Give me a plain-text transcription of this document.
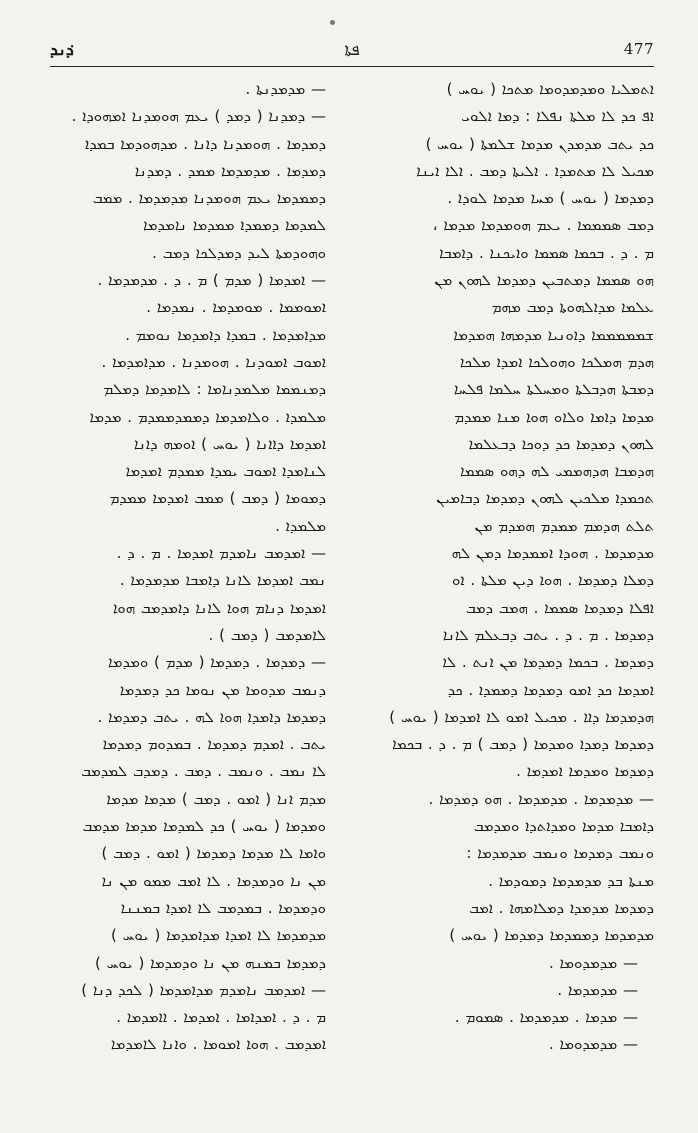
ܕ݁ܢܕ	ܦܬܐ	477

ܐܬܡܠܝܐ ܘܡܕܡܕܘܡܐ ܡܬܟܐ ( ܝܘܚ )

ܐܦ ܟܕ ܠܐ ܡܠܬܐ ܢܦܠܐ : ܕܡܐ ܐܠܘܝ

ܟܕ ܝܬܒ ܡܕܡܕܢ ܡܕܡܐ ܫܠܡܬܐ ( ܝܘܚ )

ܡܟܝܠ ܠܐ ܡܬܡܕܐ . ܐܠܝܬܐ ܕܡܒ . ܐܠܐ ܐܝܢܐ

ܕܡܕܡܐ ( ܝܘܚ ) ܡܚܐ ܡܕܡܐ ܠܘܕܐ .

ܕܡܒ ܣܡܡܡܐ . ܝܥܡ ܗܘܡܕܡܐ ܡܕܡܐ ،

ܡ . ܕ . ܒܟܡܐ ܣܡܡܐ ܘܐܝܟܢܐ . ܕܐܡܒܐ

ܗܘ ܣܡܡܐ ܕܡܬܒܝܢ ܕܡܕܡܐ ܠܗܘܢ ܡܢ

ܥܠܡܐ ܡܕܐܠܗܘܬܐ ܕܡܒ ܡܗܡ

ܫܡܡܡܡܡܐ ܕܐܘܢܝܐ ܡܕܡܗܐ ܗܡܕܡܐ

ܗܕܡ ܗܡܠܟܐ ܘܗܘܠܟܐ ܐܡܕܐ ܡܠܟܐ

ܕܡܒܬܐ ܗܕܒܠܬܐ ܘܡܚܠܬܐ ܚܠܡܐ ܦܠܚܐ

ܡܕܡܐ ܕܐܡܐ ܘܠܐܘ ܗܘܐ ܡܢܐ ܡܡܕܡ

ܠܗܘܢ ܕܡܕܡܐ ܟܕ ܕܘܟܐ ܕܒܥܠܡܐ

ܗܕܡܒܐ ܗܕܗܡܡܝ ܠܗ ܕܗܘ ܣܡܡܐ

ܬܟܡܕܐ ܡܠܟܝܢ ܠܗܘܢ ܕܡܕܡܐ ܕܒܐܡܝܢ

ܬܠܬ ܗܕܡܡ ܡܡܕܡ ܗܡܕܡ ܡܢ

ܡܕܡܕܡܐ . ܗܘܕܐ ܐܡܡܕܡܐ ܕܡܢ ܠܗ

ܕܡܠܐ ܕܡܕܡܐ . ܗܘܐ ܕܝܢ ܡܠܬܐ . ܐܘ

ܐܦܠܐ ܕܡܕܡܐ ܣܡܡܐ . ܗܡܒ ܕܡܒ

ܕܡܕܡܐ . ܡ . ܕ . ܝܬܒ ܕܒܥܠܡ ܠܐܢܐ

ܕܡܕܡܐ . ܒܟܡܐ ܕܡܕܡܐ ܡܢ ܐܢܬ . ܠܐ

ܐܡܕܡܐ ܟܕ ܐܡܘ ܕܡܕܡܐ ܕܡܡܕܐ . ܟܕ

ܗܕܡܕܡܐ ܕܐܐ . ܡܟܝܠ ܐܡܘ ܠܐ ܐܡܕܡܐ ( ܝܘܚ )

ܕܡܕܡܐ ܕܡܕܐ ܘܡܕܡܐ ( ܕܡܒ ) ܡ . ܕ . ܒܟܡܐ

ܕܡܕܡܐ ܘܡܕܡܐ ܐܡܕܡܐ .

— ܡܕܡܕܡܐ . ܡܕܡܕܡܐ . ܗܘ ܕܡܕܡܐ .

ܕܐܡܒܐ ܡܕܡܐ ܘܡܕܐܬܕܐ ܘܡܕܡܒ

ܘܢܡܒ ܕܡܕܡܐ ܘܢܡܒ ܡܕܡܕܡܐ :

ܡܢܬܐ ܒܕ ܡܕܡܕܡܐ ܕܡܘܕܡܐ .

ܕܡܕܡܐ ܡܕܡܕܐ ܕܡܠܐܡܗܐ . ܐܡܒ

ܡܕܡܕܡܐ ܕܡܡܕܡܐ ܕܡܕܡܐ ( ܝܘܚ )

— ܡܕܡܕܘܡܐ .

— ܡܕܡܕܡܐ .

— ܡܕܡܐ . ܡܕܡܕܡܐ . ܣܡܘܡ .

— ܡܕܡܕܘܡܐ .

— ܡܕܡܕܢܬܐ .

— ܕܡܕܢܐ ( ܕܡܕ ) ܝܥܡ ܗܘܡܕܢܐ ܐܡܗܘܕܐ .

ܕܡܕܡܐ . ܗܘܡܕܢܐ ܕܐܢܐ . ܡܕܗܘܕܡܐ ܒܡܕܐ

ܕܡܕܡܐ . ܡܕܡܕܡܐ ܡܡܕ . ܕܡܕܢܐ

ܕܡܡܕܡܐ ܝܥܡ ܗܘܡܕܢܐ ܡܕܡܕܡܐ . ܡܡܒ

ܠܡܕܡܐ ܕܡܡܕܐ ܡܡܕܡܐ ܢܐܡܕܡܐ

ܘܗܘܕܡܬܐ ܠܝܕ ܕܡܕܠܟܐ ܕܡܒ .

— ܐܡܕܡܐ ( ܡܕܡ ) ܡ . ܕ . ܡܕܡܕܡܐ .

ܐܡܘܡܡܐ . ܡܘܡܕܡܐ . ܢܡܕܡܐ .

ܡܕܐܡܕܡܐ . ܒܡܕܐ ܕܐܡܕܡܐ ܢܘܡܡ .

ܐܡܘܒ ܐܡܘܕܢܐ . ܗܘܡܕܢܐ . ܡܕܐܡܕܡܐ .

ܕܡܢܡܡܐ ܡܠܡܕܢܐܡܐ : ܠܐܡܕܡܐ ܕܡܠܡ

ܡܠܡܕܐ . ܘܠܐܡܕܡܐ ܕܡܡܕܡܡܕܡ . ܡܕܡܐ

ܐܡܕܡܐ ܕܐܐܢܐ ( ܝܘܚ ) ܐܘܡܗ ܕܐܢܐ

ܠܢܐܡܕܐ ܐܡܘܒ ܝܡܕܐ ܡܡܕܡ ܐܡܕܡܐ

ܕܡܘܡܐ ( ܕܡܒ ) ܡܡܒ ܐܡܕܡܐ ܡܡܕܡ

ܡܠܡܕܐ .

— ܐܡܕܡܒ ܢܐܡܕܡ ܐܡܕܡܐ . ܡ . ܕ .

ܢܡܒ ܐܡܕܡܐ ܠܐܢܐ ܕܐܡܒܐ ܡܕܡܕܡܐ .

ܐܡܕܡܐ ܕܢܐܡ ܗܘܐ ܠܐܢܐ ܕܐܡܕܡܒ ܗܘܐ

ܠܐܡܕܡܒ ( ܕܡܒ ) .

— ܕܡܕܡܐ . ܕܡܕܡܐ ( ܡܕܡ ) ܘܡܕܡܐ

ܕܢܡܒ ܡܕܘܡܐ ܡܢ ܢܘܡܐ ܟܕ ܕܡܕܡܐ

ܕܡܕܡܐ ܕܐܡܕܐ ܗܘܐ ܠܗ . ܝܬܒ ܕܡܕܡܐ .

ܝܬܒ . ܐܡܕܡ ܕܡܕܡܐ . ܒܡܕܘܡ ܕܡܕܡܐ

ܠܐ ܢܡܒ . ܘܢܡܒ . ܕܡܒ . ܕܡܕܒ ܠܡܕܡܒ

ܡܕܡ ܐܢܐ ( ܐܡܘ . ܕܡܒ ) ܡܕܡܐ ܡܕܡܐ

ܘܡܕܡܐ ( ܝܘܚ ) ܟܕ ܠܡܕܡܐ ܡܕܡܐ ܡܕܡܒ

ܘܐܡܐ ܠܐ ܡܕܡܐ ܕܡܕܡܐ ( ܐܡܘ . ܕܡܒ )

ܡܢ ܢܐ ܘܕܡܕܡܐ . ܠܐ ܐܡܒ ܡܡܘ ܡܢ ܢܐ

ܘܕܡܕܡܐ . ܒܡܕܡܒ ܠܐ ܐܡܕܐ ܒܡܢܢܐ

ܡܕܡܕܡܐ ܠܐ ܐܡܕܐ ܡܕܐܡܕܡܐ ( ܝܘܚ )

ܕܡܕܡܐ ܒܡܢܗ ܡܢ ܢܐ ܘܕܡܕܡܐ ( ܝܘܚ )

— ܐܡܕܡܒ ܢܐܡܕܡ ܡܕܐܡܕܡܐ ( ܠܟܕ ܕܢܐ )

ܡ . ܕ . ܐܡܕܐܡܐ . ܐܡܕܡܐ . ܐܐܡܕܡܐ .

ܐܡܕܡܒ . ܗܘܐ ܐܡܘܡܐ . ܘܐܢܐ ܠܐܡܕܡܐ
